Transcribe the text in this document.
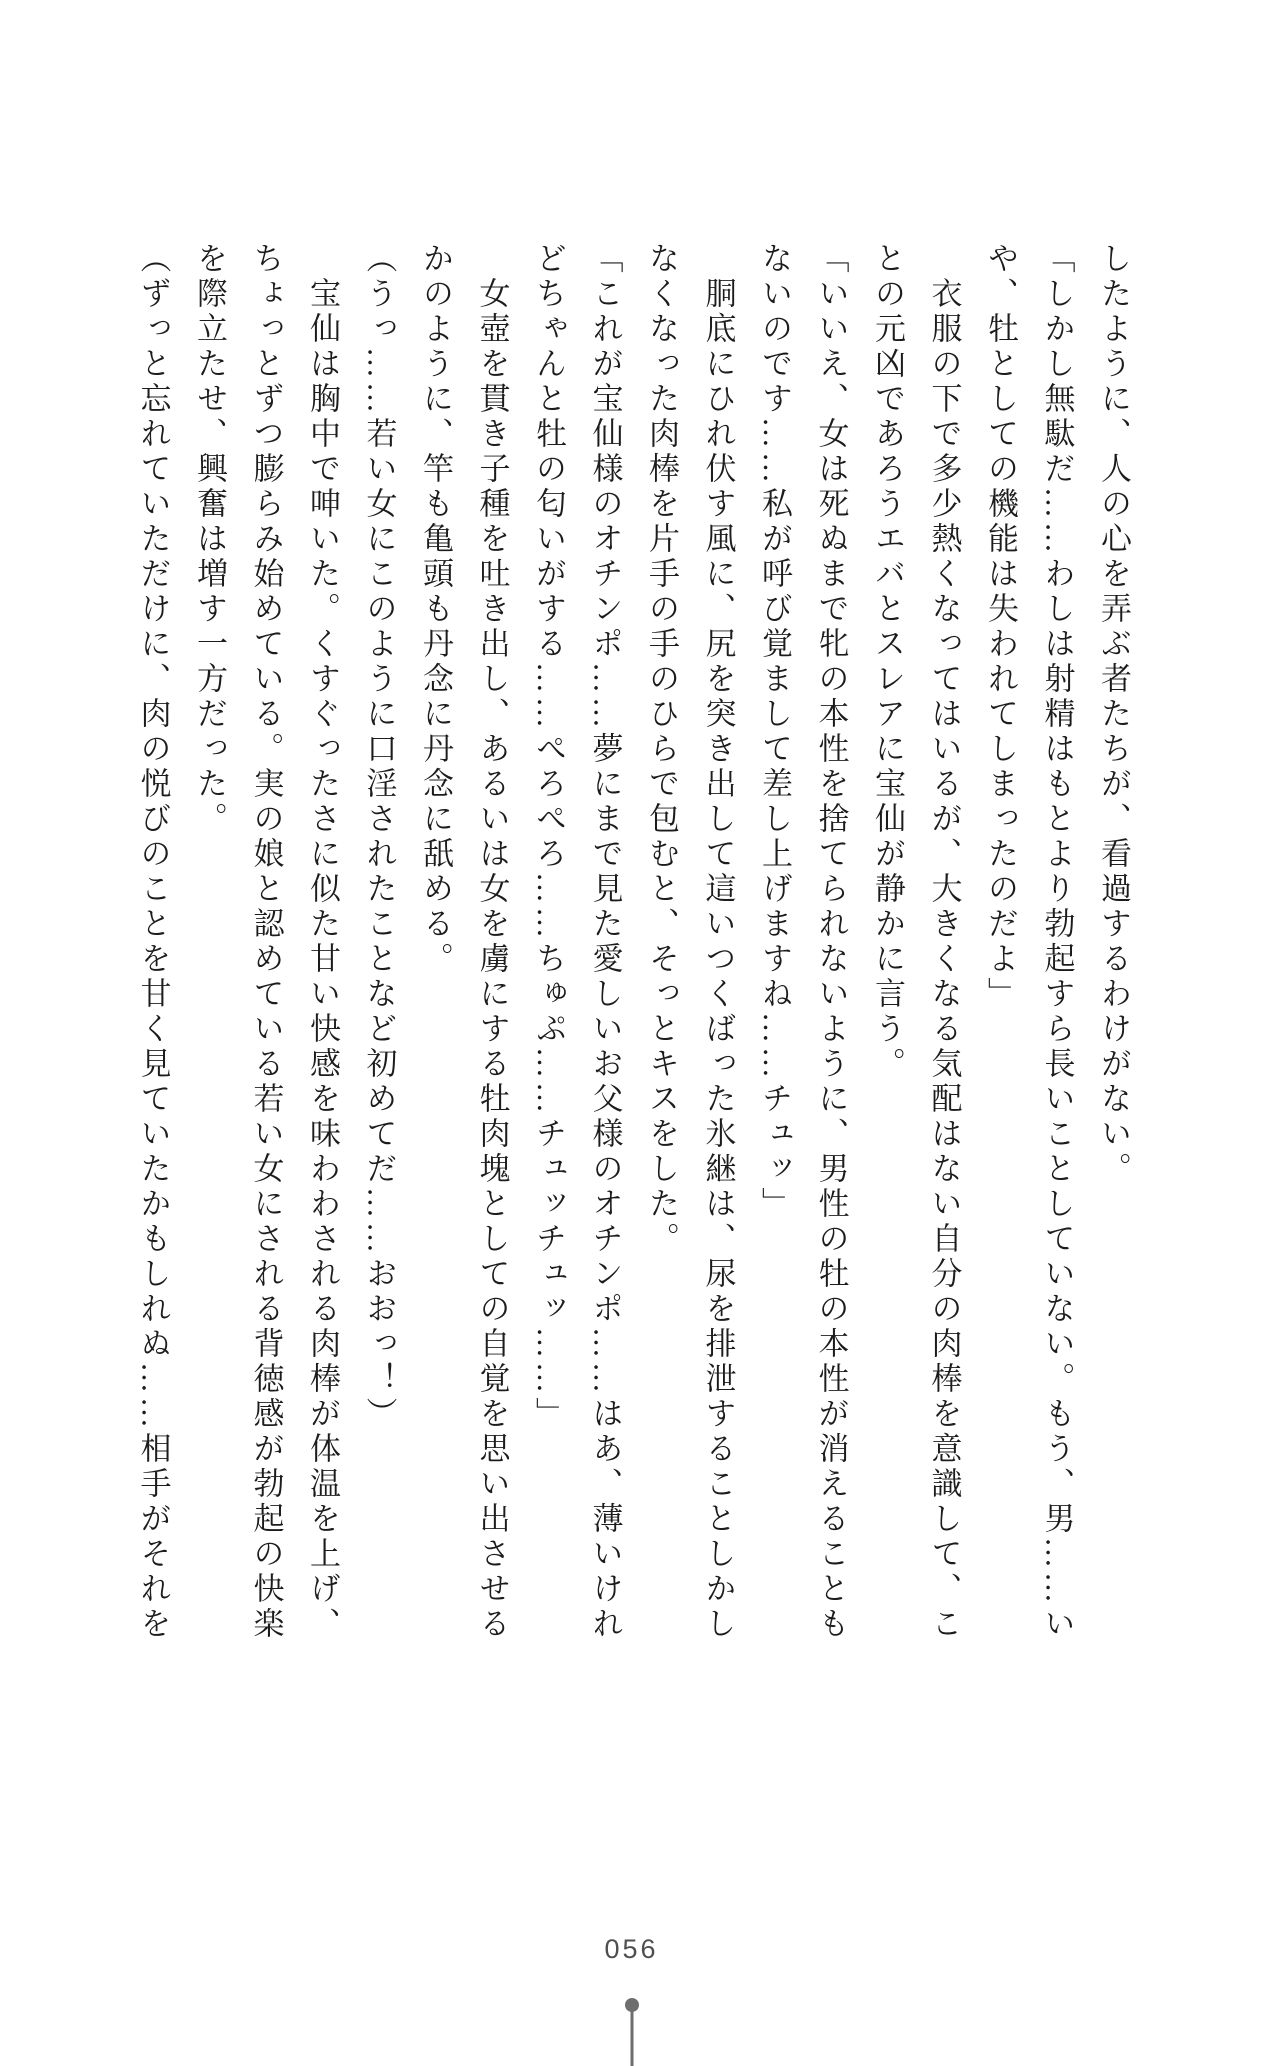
したように、人の心を弄ぶ者たちが、看過するわけがない。

「しかし無駄だ……わしは射精はもとより勃起すら長いことしていない。もう、男……い

や、牡としての機能は失われてしまったのだよ」

　衣服の下で多少熱くなってはいるが、大きくなる気配はない自分の肉棒を意識して、こ

との元凶であろうエバとスレアに宝仙が静かに言う。

「いいえ、女は死ぬまで牝の本性を捨てられないように、男性の牡の本性が消えることも

ないのです……私が呼び覚まして差し上げますね……チュッ」

　胴底にひれ伏す風に、尻を突き出して這いつくばった氷継は、尿を排泄することしかし

なくなった肉棒を片手の手のひらで包むと、そっとキスをした。

「これが宝仙様のオチンポ……夢にまで見た愛しいお父様のオチンポ……はあ、薄いけれ

どちゃんと牡の匂いがする……ぺろぺろ……ちゅぷ……チュッチュッ……」

　女壺を貫き子種を吐き出し、あるいは女を虜にする牡肉塊としての自覚を思い出させる

かのように、竿も亀頭も丹念に丹念に舐める。

（うっ……若い女にこのように口淫されたことなど初めてだ……おおっ！）

　宝仙は胸中で呻いた。くすぐったさに似た甘い快感を味わわされる肉棒が体温を上げ、

ちょっとずつ膨らみ始めている。実の娘と認めている若い女にされる背徳感が勃起の快楽

を際立たせ、興奮は増す一方だった。

（ずっと忘れていただけに、肉の悦びのことを甘く見ていたかもしれぬ……相手がそれを

056
